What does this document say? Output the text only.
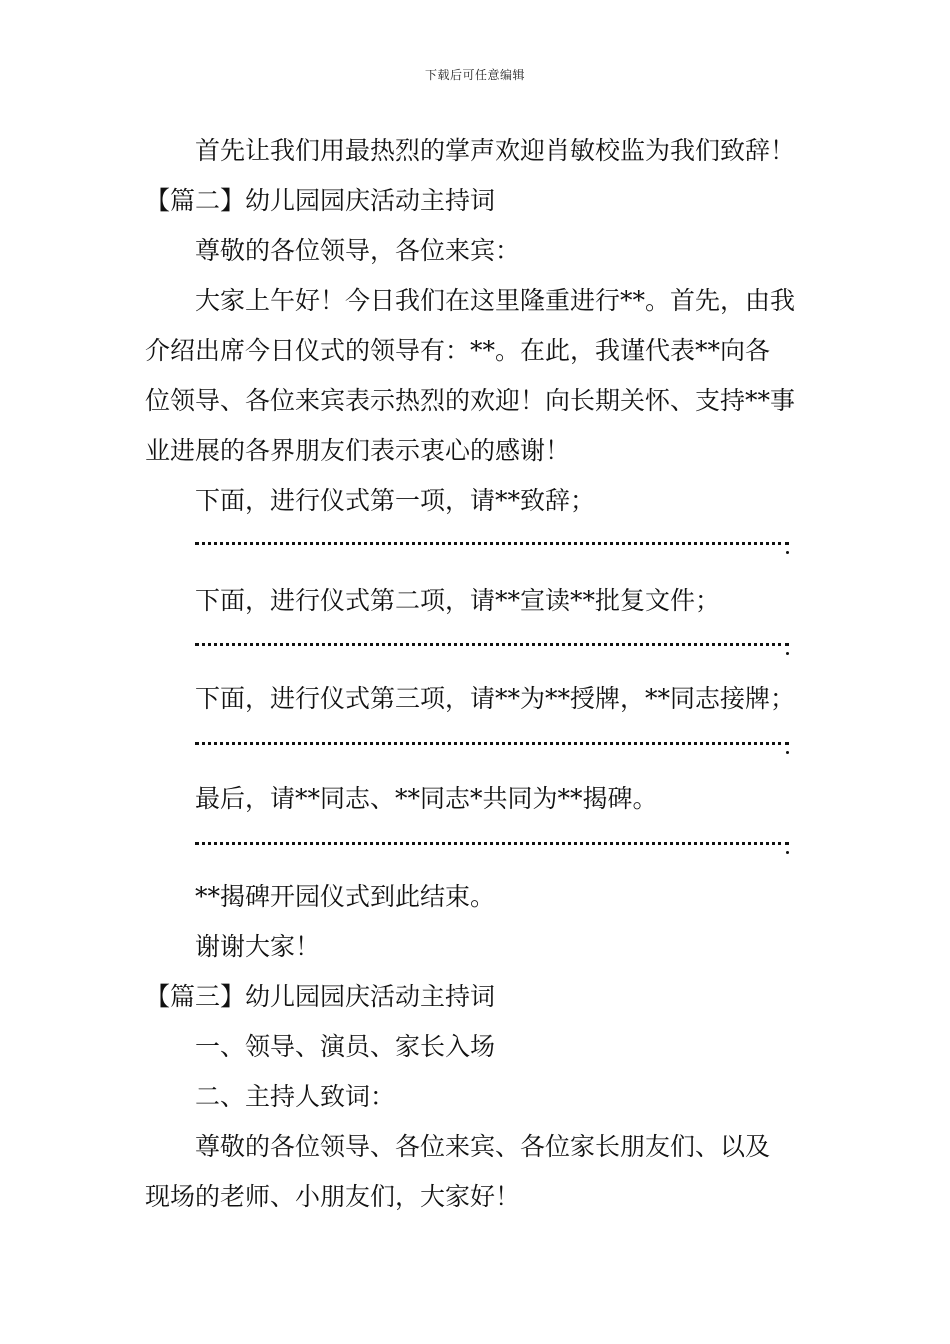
下载后可任意编辑
首先让我们用最热烈的掌声欢迎肖敏校监为我们致辞！
【篇二】幼儿园园庆活动主持词
尊敬的各位领导，各位来宾：
大家上午好！今日我们在这里隆重进行**。首先，由我
介绍出席今日仪式的领导有：**。在此，我谨代表**向各
位领导、各位来宾表示热烈的欢迎！向长期关怀、支持**事
业进展的各界朋友们表示衷心的感谢！
下面，进行仪式第一项，请**致辞；
下面，进行仪式第二项，请**宣读**批复文件；
下面，进行仪式第三项，请**为**授牌，**同志接牌；
最后，请**同志、**同志*共同为**揭碑。
**揭碑开园仪式到此结束。
谢谢大家！
【篇三】幼儿园园庆活动主持词
一、领导、演员、家长入场
二、主持人致词：
尊敬的各位领导、各位来宾、各位家长朋友们、以及
现场的老师、小朋友们，大家好！
